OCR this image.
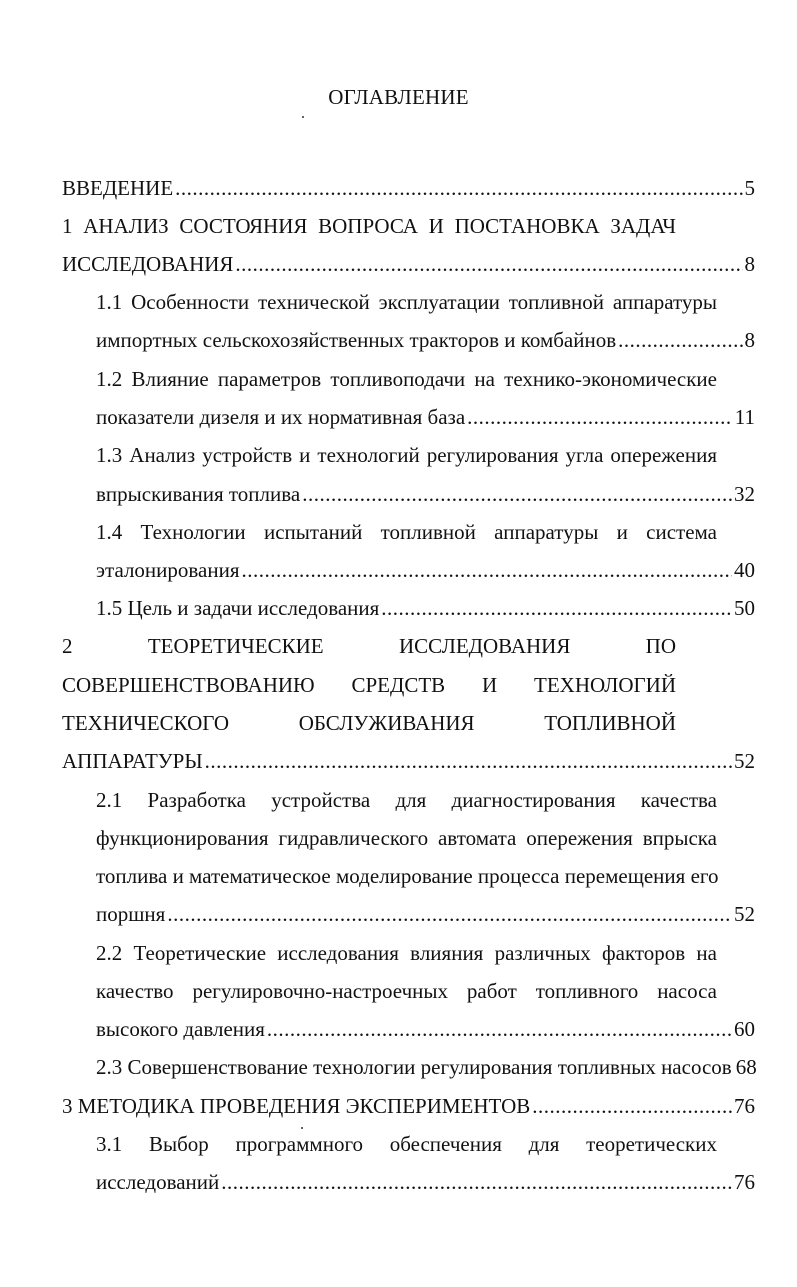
ОГЛАВЛЕНИЕ
ВВЕДЕНИЕ .....	5
1 АНАЛИЗ СОСТОЯНИЯ ВОПРОСА И ПОСТАНОВКА ЗАДАЧ
ИССЛЕДОВАНИЯ .....	8
1.1 Особенности технической эксплуатации топливной аппаратуры
импортных сельскохозяйственных тракторов и комбайнов .....	8
1.2 Влияние параметров топливоподачи на технико-экономические
показатели дизеля и их нормативная база .....	11
1.3 Анализ устройств и технологий регулирования угла опережения
впрыскивания топлива .....	32
1.4 Технологии испытаний топливной аппаратуры и система
эталонирования .....	40
1.5 Цель и задачи исследования .....	50
2 ТЕОРЕТИЧЕСКИЕ ИССЛЕДОВАНИЯ ПО
СОВЕРШЕНСТВОВАНИЮ СРЕДСТВ И ТЕХНОЛОГИЙ
ТЕХНИЧЕСКОГО ОБСЛУЖИВАНИЯ ТОПЛИВНОЙ
АППАРАТУРЫ .....	52
2.1 Разработка устройства для диагностирования качества
функционирования гидравлического автомата опережения впрыска
топлива и математическое моделирование процесса перемещения его
поршня .....	52
2.2 Теоретические исследования влияния различных факторов на
качество регулировочно-настроечных работ топливного насоса
высокого давления .....	60
2.3 Совершенствование технологии регулирования топливных насосов 68
3 МЕТОДИКА ПРОВЕДЕНИЯ ЭКСПЕРИМЕНТОВ .....	76
3.1 Выбор программного обеспечения для теоретических
исследований .....	76
